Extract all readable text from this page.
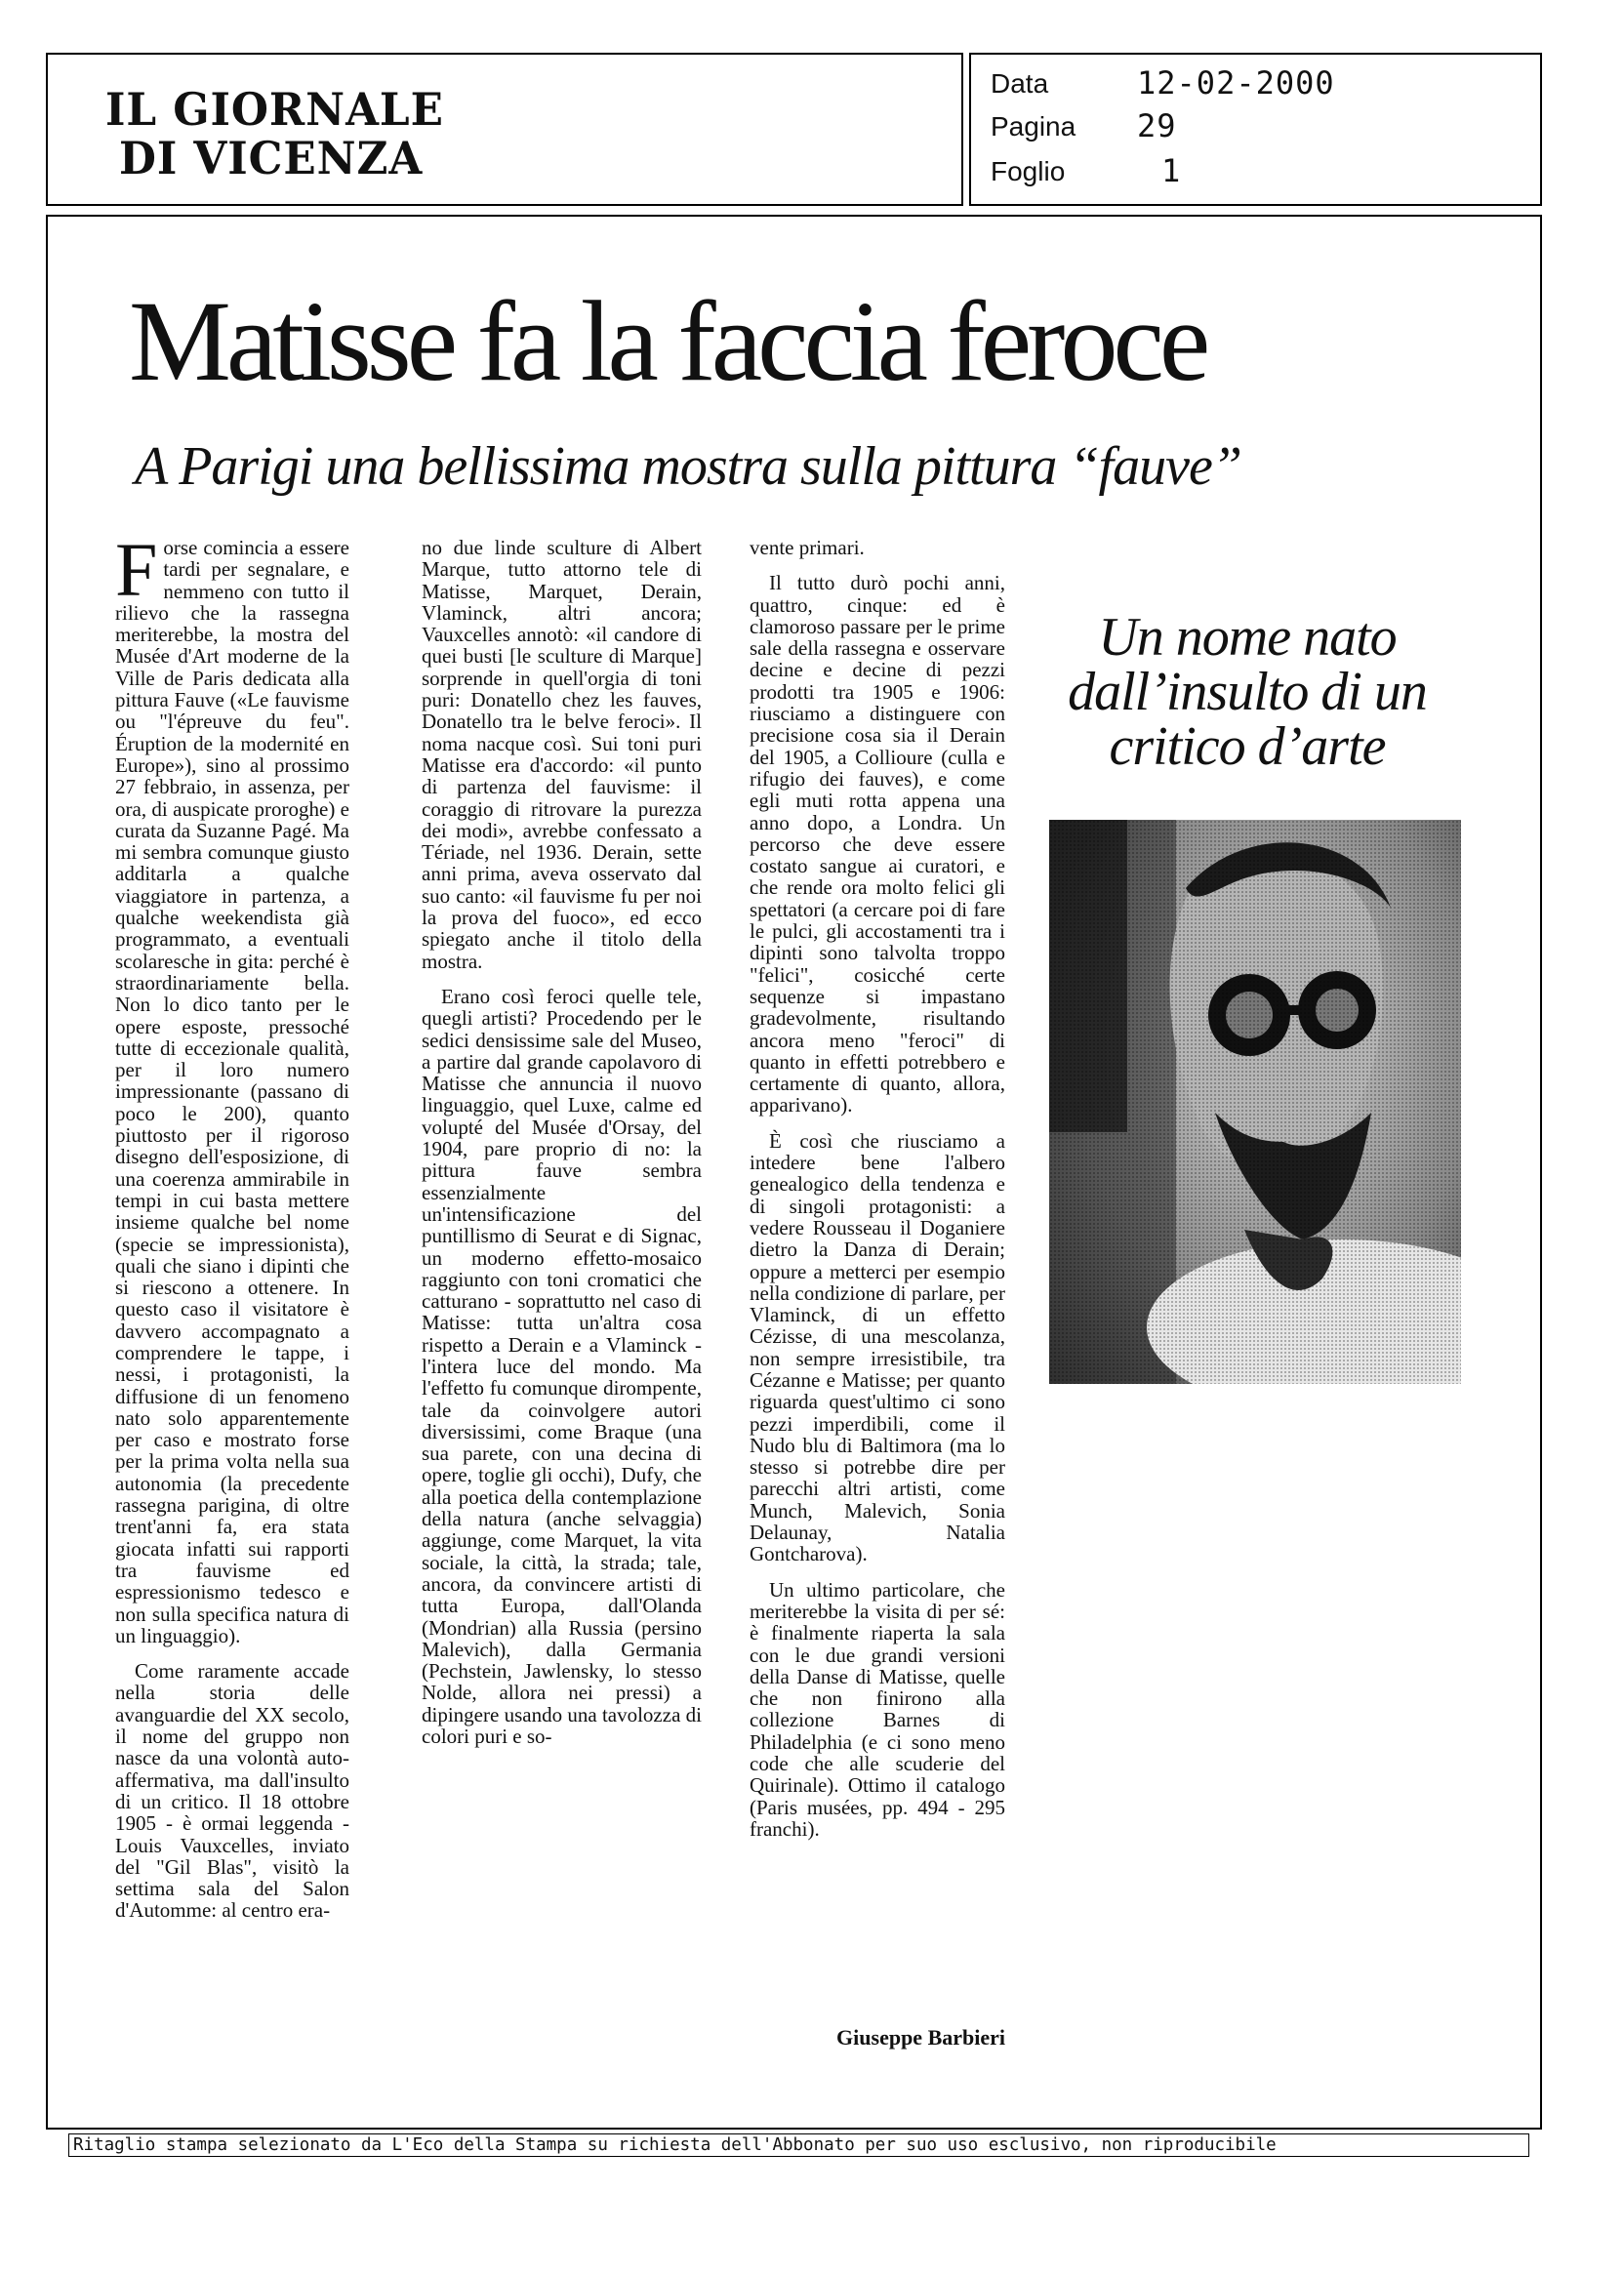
IL GIORNALE
DI VICENZA
Data	12-02-2000
Pagina 29
Foglio	1
Matisse fa la faccia feroce
A Parigi una bellissima mostra sulla pittura “fauve”

Forse comincia a essere tardi per segnalare, e nemmeno con tutto il rilievo che la rassegna meriterebbe, la mostra del Musée d'Art moderne de la Ville de Paris dedicata alla pittura Fauve («Le fauvisme ou "l'épreuve du feu". Éruption de la modernité en Europe»), sino al prossimo 27 febbraio, in assenza, per ora, di auspicate proroghe) e curata da Suzanne Pagé. Ma mi sembra comunque giusto additarla a qualche viaggiatore in partenza, a qualche weekendista già programmato, a eventuali scolaresche in gita: perché è straordinariamente bella. Non lo dico tanto per le opere esposte, pressoché tutte di eccezionale qualità, per il loro numero impressionante (passano di poco le 200), quanto piuttosto per il rigoroso disegno dell'esposizione, di una coerenza ammirabile in tempi in cui basta mettere insieme qualche bel nome (specie se impressionista), quali che siano i dipinti che si riescono a ottenere. In questo caso il visitatore è davvero accompagnato a comprendere le tappe, i nessi, i protagonisti, la diffusione di un fenomeno nato solo apparentemente per caso e mostrato forse per la prima volta nella sua autonomia (la precedente rassegna parigina, di oltre trent'anni fa, era stata giocata infatti sui rapporti tra fauvisme ed espressionismo tedesco e non sulla specifica natura di un linguaggio).

Come raramente accade nella storia delle avanguardie del XX secolo, il nome del gruppo non nasce da una volontà auto-affermativa, ma dall'insulto di un critico. Il 18 ottobre 1905 - è ormai leggenda - Louis Vauxcelles, inviato del "Gil Blas", visitò la settima sala del Salon d'Automme: al centro era-

no due linde sculture di Albert Marque, tutto attorno tele di Matisse, Marquet, Derain, Vlaminck, altri ancora; Vauxcelles annotò: «il candore di quei busti [le sculture di Marque] sorprende in quell'orgia di toni puri: Donatello chez les fauves, Donatello tra le belve feroci». Il noma nacque così. Sui toni puri Matisse era d'accordo: «il punto di partenza del fauvisme: il coraggio di ritrovare la purezza dei modi», avrebbe confessato a Tériade, nel 1936. Derain, sette anni prima, aveva osservato dal suo canto: «il fauvisme fu per noi la prova del fuoco», ed ecco spiegato anche il titolo della mostra.

Erano così feroci quelle tele, quegli artisti? Procedendo per le sedici densissime sale del Museo, a partire dal grande capolavoro di Matisse che annuncia il nuovo linguaggio, quel Luxe, calme ed volupté del Musée d'Orsay, del 1904, pare proprio di no: la pittura fauve sembra essenzialmente un'intensificazione del puntillismo di Seurat e di Signac, un moderno effetto-mosaico raggiunto con toni cromatici che catturano - soprattutto nel caso di Matisse: tutta un'altra cosa rispetto a Derain e a Vlaminck - l'intera luce del mondo. Ma l'effetto fu comunque dirompente, tale da coinvolgere autori diversissimi, come Braque (una sua parete, con una decina di opere, toglie gli occhi), Dufy, che alla poetica della contemplazione della natura (anche selvaggia) aggiunge, come Marquet, la vita sociale, la città, la strada; tale, ancora, da convincere artisti di tutta Europa, dall'Olanda (Mondrian) alla Russia (persino Malevich), dalla Germania (Pechstein, Jawlensky, lo stesso Nolde, allora nei pressi) a dipingere usando una tavolozza di colori puri e so-

vente primari.

Il tutto durò pochi anni, quattro, cinque: ed è clamoroso passare per le prime sale della rassegna e osservare decine e decine di pezzi prodotti tra 1905 e 1906: riusciamo a distinguere con precisione cosa sia il Derain del 1905, a Collioure (culla e rifugio dei fauves), e come egli muti rotta appena una anno dopo, a Londra. Un percorso che deve essere costato sangue ai curatori, e che rende ora molto felici gli spettatori (a cercare poi di fare le pulci, gli accostamenti tra i dipinti sono talvolta troppo "felici", cosicché certe sequenze si impastano gradevolmente, risultando ancora meno "feroci" di quanto in effetti potrebbero e certamente di quanto, allora, apparivano).

È così che riusciamo a intedere bene l'albero genealogico della tendenza e di singoli protagonisti: a vedere Rousseau il Doganiere dietro la Danza di Derain; oppure a metterci per esempio nella condizione di parlare, per Vlaminck, di un effetto Cézisse, di una mescolanza, non sempre irresistibile, tra Cézanne e Matisse; per quanto riguarda quest'ultimo ci sono pezzi imperdibili, come il Nudo blu di Baltimora (ma lo stesso si potrebbe dire per parecchi altri artisti, come Munch, Malevich, Sonia Delaunay, Natalia Gontcharova).

Un ultimo particolare, che meriterebbe la visita di per sé: è finalmente riaperta la sala con le due grandi versioni della Danse di Matisse, quelle che non finirono alla collezione Barnes di Philadelphia (e ci sono meno code che alle scuderie del Quirinale). Ottimo il catalogo (Paris musées, pp. 494 - 295 franchi).

Giuseppe Barbieri
Un nome nato dall’insulto di un critico d’arte
Ritaglio stampa selezionato da L'Eco della Stampa su richiesta dell'Abbonato per suo uso esclusivo, non riproducibile
